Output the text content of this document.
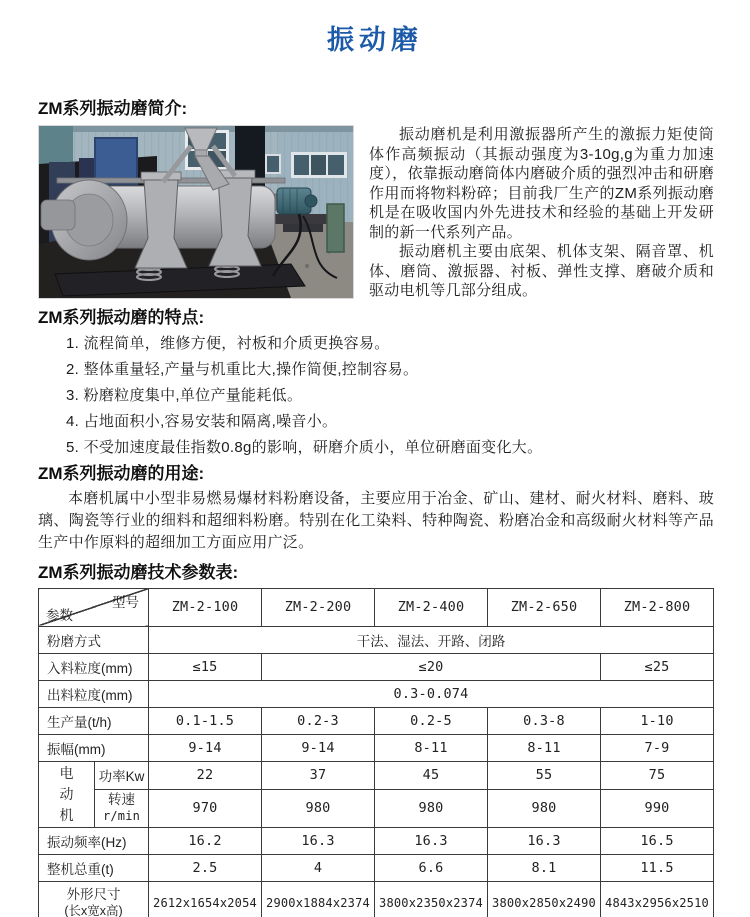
振动磨
ZM系列振动磨简介:

振动磨机是利用激振器所产生的激振力矩使筒体作高频振动（其振动强度为3-10g,g为重力加速度），依靠振动磨筒体内磨破介质的强烈冲击和研磨作用而将物料粉碎；目前我厂生产的ZM系列振动磨机是在吸收国内外先进技术和经验的基础上开发研制的新一代系列产品。

振动磨机主要由底架、机体支架、隔音罩、机体、磨筒、激振器、衬板、弹性支撑、磨破介质和驱动电机等几部分组成。

ZM系列振动磨的特点:
1. 流程简单，维修方便，衬板和介质更换容易。
2. 整体重量轻,产量与机重比大,操作简便,控制容易。
3. 粉磨粒度集中,单位产量能耗低。
4. 占地面积小,容易安装和隔离,噪音小。
5. 不受加速度最佳指数0.8g的影响，研磨介质小，单位研磨面变化大。
ZM系列振动磨的用途:

本磨机属中小型非易燃易爆材料粉磨设备，主要应用于冶金、矿山、建材、耐火材料、磨料、玻璃、陶瓷等行业的细料和超细料粉磨。特别在化工染料、特种陶瓷、粉磨冶金和高级耐火材料等产品生产中作原料的超细加工方面应用广泛。

ZM系列振动磨技术参数表:
型号
参数		ZM-2-100	ZM-2-200	ZM-2-400	ZM-2-650	ZM-2-800
粉磨方式		干法、湿法、开路、闭路				
入料粒度(mm)		≤15	≤20			≤25
出料粒度(mm)		0.3-0.074				
生产量(t/h)		0.1-1.5	0.2-3	0.2-5	0.3-8	1-10
振幅(mm)		9-14	9-14	8-11	8-11	7-9
电动机	功率Kw	22	37	45	55	75
	转速
r/min	970	980	980	980	990
振动频率(Hz)		16.2	16.3	16.3	16.3	16.5
整机总重(t)		2.5	4	6.6	8.1	11.5
外形尺寸
(长x宽x高)		2612x1654x2054	2900x1884x2374	3800x2350x2374	3800x2850x2490	4843x2956x2510
